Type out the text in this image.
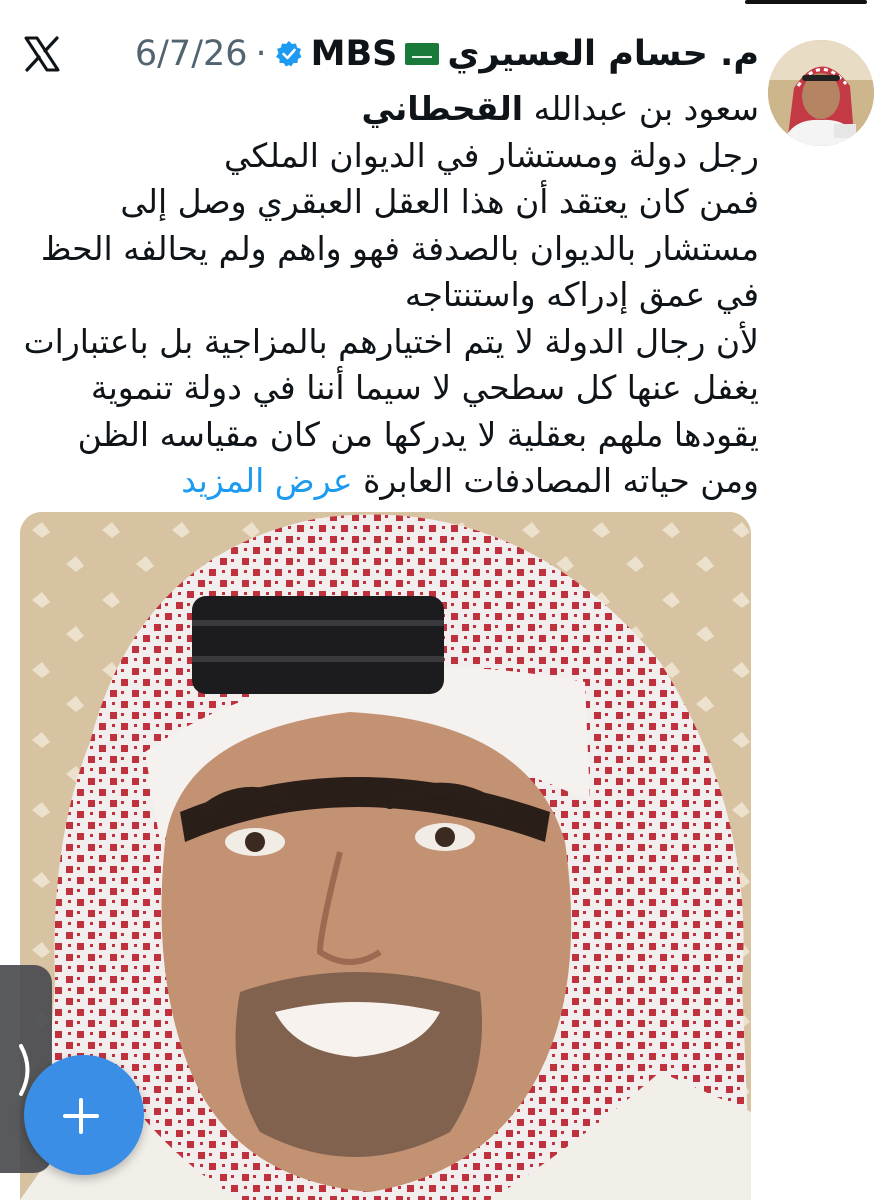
م. حسام العسيري
MBS
·
6/7/26
سعود بن عبدالله القحطاني
رجل دولة ومستشار في الديوان الملكي
فمن كان يعتقد أن هذا العقل العبقري وصل إلى
مستشار بالديوان بالصدفة فهو واهم ولم يحالفه الحظ
في عمق إدراكه واستنتاجه
لأن رجال الدولة لا يتم اختيارهم بالمزاجية بل باعتبارات
يغفل عنها كل سطحي لا سيما أننا في دولة تنموية
يقودها ملهم بعقلية لا يدركها من كان مقياسه الظن
ومن حياته المصادفات العابرة عرض المزيد
